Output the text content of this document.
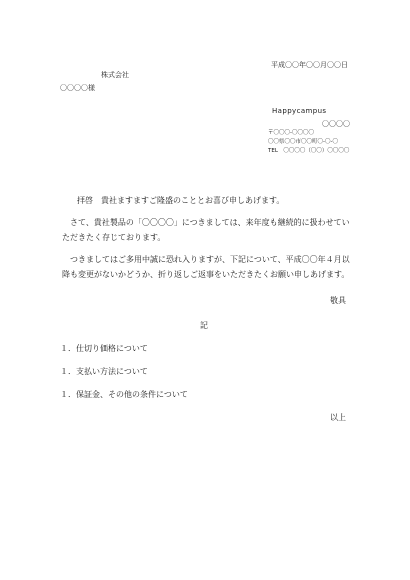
平成〇〇年〇〇月〇〇日
株式会社
〇〇〇〇様
Happycampus
〇〇〇〇
〒〇〇〇-〇〇〇〇
〇〇県〇〇市〇〇町〇-〇-〇
TEL　〇〇〇〇（〇〇）〇〇〇〇
拝啓　貴社ますますご隆盛のこととお喜び申しあげます。
さて、貴社製品の「〇〇〇〇」につきましては、来年度も継続的に扱わせていただきたく存じております。
つきましてはご多用中誠に恐れ入りますが、下記について、平成〇〇年４月以降も変更がないかどうか、折り返しご返事をいただきたくお願い申しあげます。
敬具
記
１．仕切り価格について
１．支払い方法について
１．保証金、その他の条件について
以上
